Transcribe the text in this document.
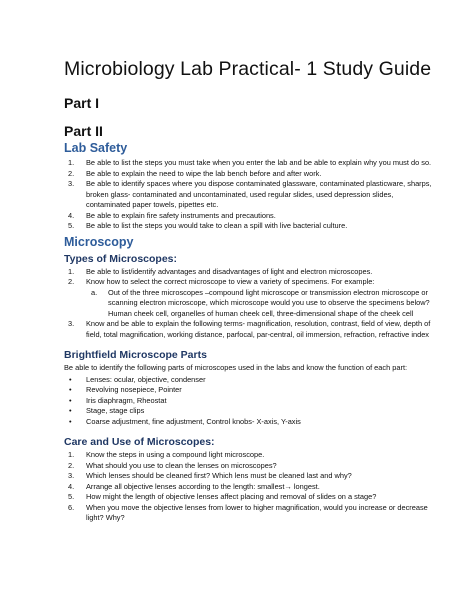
Microbiology Lab Practical- 1 Study Guide
Part I
Part II
Lab Safety
1. Be able to list the steps you must take when you enter the lab and be able to explain why you must do so.
2. Be able to explain the need to wipe the lab bench before and after work.
3. Be able to identify spaces where you dispose contaminated glassware, contaminated plasticware, sharps, broken glass- contaminated and uncontaminated, used regular slides, used depression slides, contaminated paper towels, pipettes etc.
4. Be able to explain fire safety instruments and precautions.
5. Be able to list the steps you would take to clean a spill with live bacterial culture.
Microscopy
Types of Microscopes:
1. Be able to list/identify advantages and disadvantages of light and electron microscopes.
2. Know how to select the correct microscope to view a variety of specimens. For example:
a. Out of the three microscopes –compound light microscope or transmission electron microscope or scanning electron microscope, which microscope would you use to observe the specimens below? Human cheek cell, organelles of human cheek cell, three-dimensional shape of the cheek cell
3. Know and be able to explain the following terms- magnification, resolution, contrast, field of view, depth of field, total magnification, working distance, parfocal, par-central, oil immersion, refraction, refractive index
Brightfield Microscope Parts

Be able to identify the following parts of microscopes used in the labs and know the function of each part:

• Lenses: ocular, objective, condenser
• Revolving nosepiece, Pointer
• Iris diaphragm, Rheostat
• Stage, stage clips
• Coarse adjustment, fine adjustment, Control knobs- X-axis, Y-axis
Care and Use of Microscopes:
1. Know the steps in using a compound light microscope.
2. What should you use to clean the lenses on microscopes?
3. Which lenses should be cleaned first? Which lens must be cleaned last and why?
4. Arrange all objective lenses according to the length: smallest→ longest.
5. How might the length of objective lenses affect placing and removal of slides on a stage?
6. When you move the objective lenses from lower to higher magnification, would you increase or decrease light? Why?
